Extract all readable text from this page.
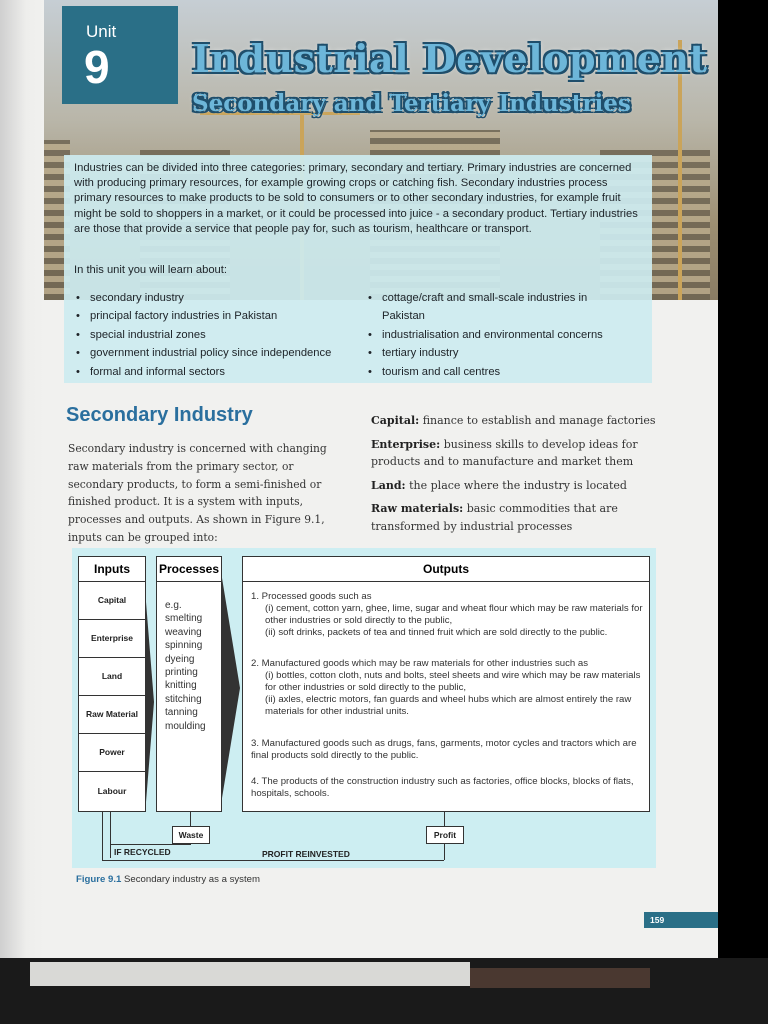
Unit
9 Industrial Development
Secondary and Tertiary Industries

Industries can be divided into three categories: primary, secondary and tertiary. Primary industries are concerned with producing primary resources, for example growing crops or catching fish. Secondary industries process primary resources to make products to be sold to consumers or to other secondary industries, for example fruit might be sold to shoppers in a market, or it could be processed into juice - a secondary product. Tertiary industries are those that provide a service that people pay for, such as tourism, healthcare or transport.

In this unit you will learn about:
• secondary industry
• principal factory industries in Pakistan
• special industrial zones
• government industrial policy since independence
• formal and informal sectors
• cottage/craft and small-scale industries in Pakistan
• industrialisation and environmental concerns
• tertiary industry
• tourism and call centres
Secondary Industry
Secondary industry is concerned with changing raw materials from the primary sector, or secondary products, to form a semi-finished or finished product. It is a system with inputs, processes and outputs. As shown in Figure 9.1, inputs can be grouped into:
Capital: finance to establish and manage factories
Enterprise: business skills to develop ideas for products and to manufacture and market them
Land: the place where the industry is located
Raw materials: basic commodities that are transformed by industrial processes
Inputs
Capital
Enterprise
Land
Raw Material
Power
Labour
Processes
e.g.
smelting
weaving
spinning
dyeing
printing
knitting
stitching
tanning
moulding
Outputs
1. Processed goods such as
(i) cement, cotton yarn, ghee, lime, sugar and wheat flour which may be raw materials for other industries or sold directly to the public,
(ii) soft drinks, packets of tea and tinned fruit which are sold directly to the public.
2. Manufactured goods which may be raw materials for other industries such as
(i) bottles, cotton cloth, nuts and bolts, steel sheets and wire which may be raw materials for other industries or sold directly to the public,
(ii) axles, electric motors, fan guards and wheel hubs which are almost entirely the raw materials for other industrial units.
3. Manufactured goods such as drugs, fans, garments, motor cycles and tractors which are final products sold directly to the public.
4. The products of the construction industry such as factories, office blocks, blocks of flats, hospitals, schools.
Waste	Profit
IF RECYCLED	PROFIT REINVESTED
Figure 9.1 Secondary industry as a system
159
